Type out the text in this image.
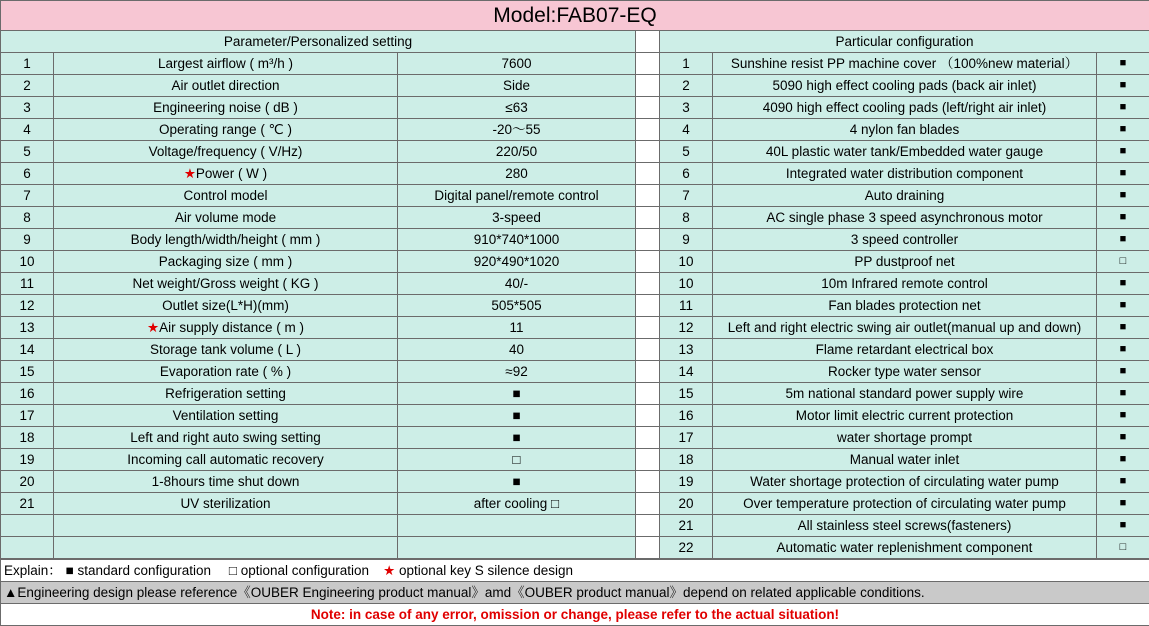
Model:FAB07-EQ						
Parameter/Personalized setting				Particular configuration		
1	Largest airflow ( m³/h )	7600		1	Sunshine resist PP machine cover （100%new material）	■
2	Air outlet direction	Side		2	5090 high effect cooling pads (back air inlet)	■
3	Engineering noise ( dB )	≤63		3	4090 high effect cooling pads (left/right air inlet)	■
4	Operating range ( ℃ )	-20～55		4	4 nylon fan blades	■
5	Voltage/frequency ( V/Hz)	220/50		5	40L plastic water tank/Embedded water gauge	■
6	★Power ( W )	280		6	Integrated water distribution component	■
7	Control model	Digital panel/remote control		7	Auto draining	■
8	Air volume mode	3-speed		8	AC single phase 3 speed asynchronous motor	■
9	Body length/width/height ( mm )	910*740*1000		9	3 speed controller	■
10	Packaging size ( mm )	920*490*1020		10	PP dustproof net	□
11	Net weight/Gross weight ( KG )	40/-		10	10m Infrared remote control	■
12	Outlet size(L*H)(mm)	505*505		11	Fan blades protection net	■
13	★Air supply distance ( m )	11		12	Left and right electric swing air outlet(manual up and down)	■
14	Storage tank volume ( L )	40		13	Flame retardant electrical box	■
15	Evaporation rate ( % )	≈92		14	Rocker type water sensor	■
16	Refrigeration setting	■		15	5m national standard power supply wire	■
17	Ventilation setting	■		16	Motor limit electric current protection	■
18	Left and right auto swing setting	■		17	water shortage prompt	■
19	Incoming call automatic recovery	□		18	Manual water inlet	■
20	1-8hours time shut down	■		19	Water shortage protection of circulating water pump	■
21	UV sterilization	after cooling □		20	Over temperature protection of circulating water pump	■
				21	All stainless steel screws(fasteners)	■
				22	Automatic water replenishment component	□
Explain： ■ standard configuration □ optional configuration ★ optional key S silence design
▲Engineering design please reference《OUBER Engineering product manual》amd《OUBER product manual》depend on related applicable conditions.
Note: in case of any error, omission or change, please refer to the actual situation!
